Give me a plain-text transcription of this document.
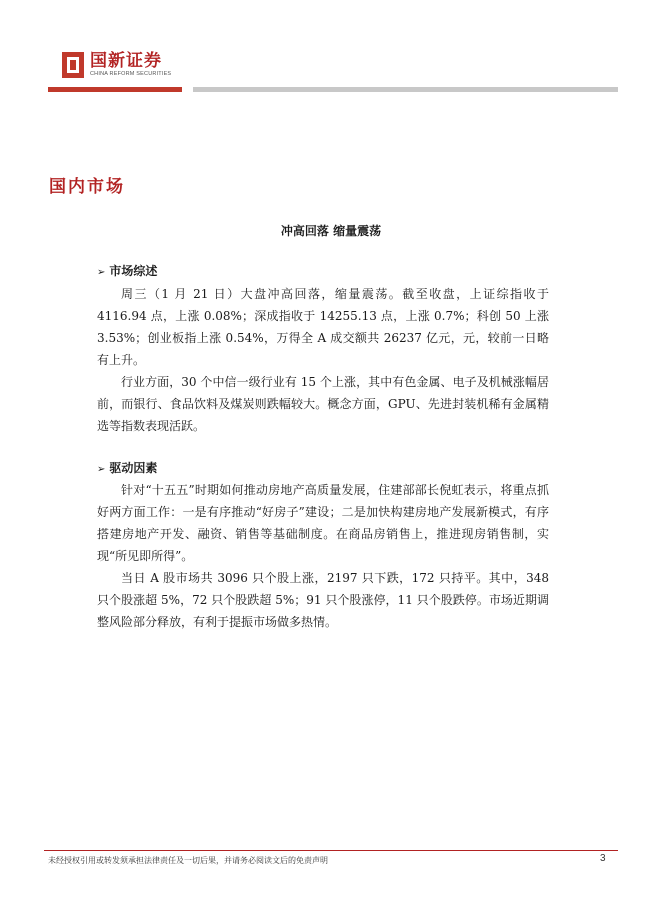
国新证券
CHINA REFORM SECURITIES
国内市场
冲高回落 缩量震荡
➢ 市场综述
周三（1 月 21 日）大盘冲高回落，缩量震荡。截至收盘，上证综指收于 4116.94 点，上涨 0.08%；深成指收于 14255.13 点，上涨 0.7%；科创 50 上涨 3.53%；创业板指上涨 0.54%，万得全 A 成交额共 26237 亿元，元，较前一日略有上升。
行业方面，30 个中信一级行业有 15 个上涨，其中有色金属、电子及机械涨幅居前，而银行、食品饮料及煤炭则跌幅较大。概念方面，GPU、先进封装机稀有金属精选等指数表现活跃。
➢ 驱动因素
针对“十五五”时期如何推动房地产高质量发展，住建部部长倪虹表示，将重点抓好两方面工作：一是有序推动“好房子”建设；二是加快构建房地产发展新模式，有序搭建房地产开发、融资、销售等基础制度。在商品房销售上，推进现房销售制，实现“所见即所得”。
当日 A 股市场共 3096 只个股上涨，2197 只下跌，172 只持平。其中，348 只个股涨超 5%，72 只个股跌超 5%；91 只个股涨停，11 只个股跌停。市场近期调整风险部分释放，有利于提振市场做多热情。
未经授权引用或转发须承担法律责任及一切后果，并请务必阅读文后的免责声明	3
